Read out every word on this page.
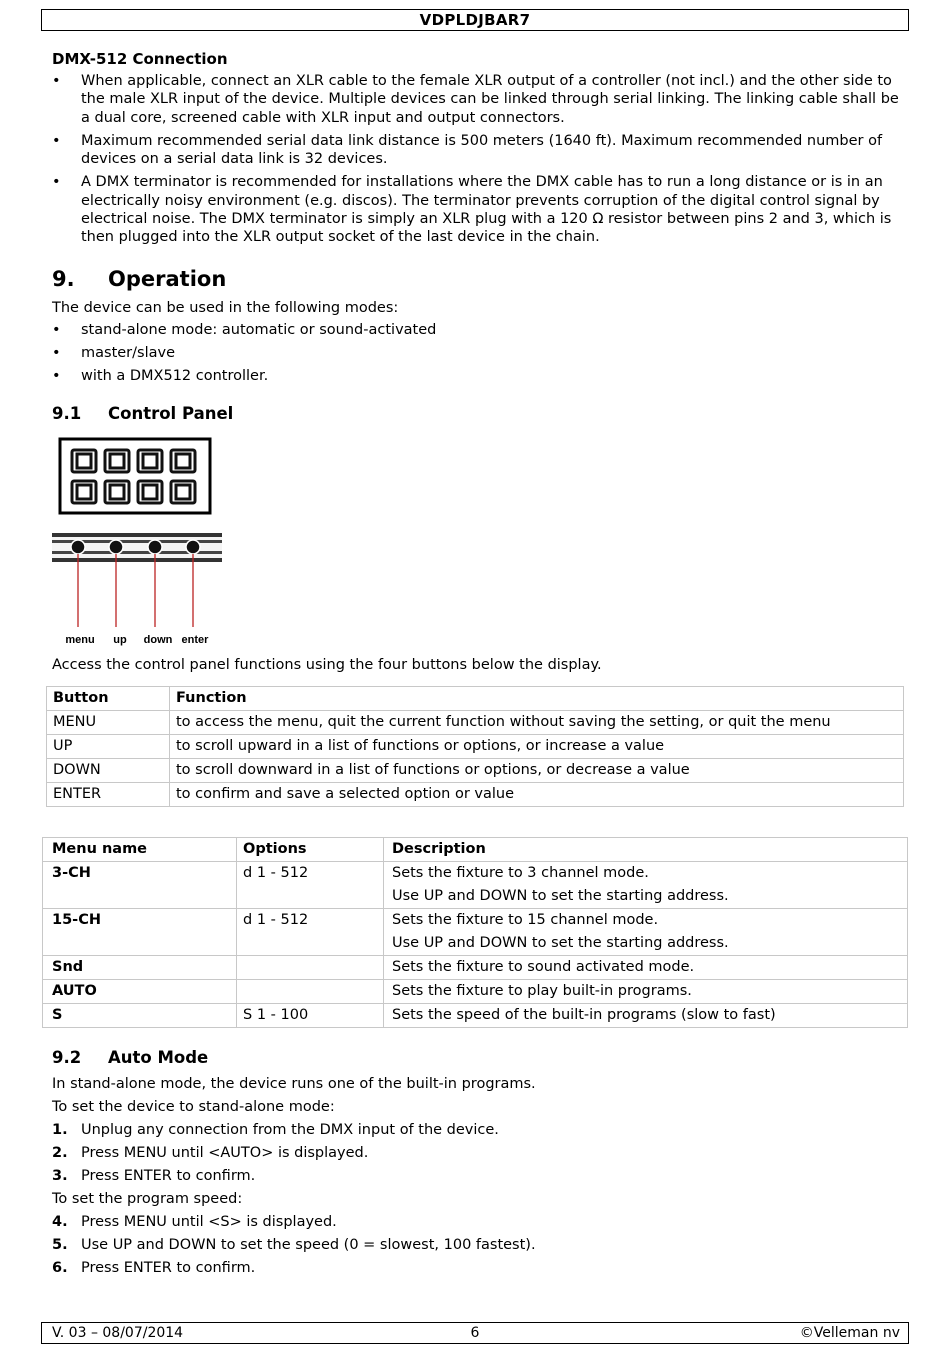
VDPLDJBAR7

DMX-512 Connection

• When applicable, connect an XLR cable to the female XLR output of a controller (not incl.) and the other side to the male XLR input of the device. Multiple devices can be linked through serial linking. The linking cable shall be a dual core, screened cable with XLR input and output connectors.
• Maximum recommended serial data link distance is 500 meters (1640 ft). Maximum recommended number of devices on a serial data link is 32 devices.
• A DMX terminator is recommended for installations where the DMX cable has to run a long distance or is in an electrically noisy environment (e.g. discos). The terminator prevents corruption of the digital control signal by electrical noise. The DMX terminator is simply an XLR plug with a 120 Ω resistor between pins 2 and 3, which is then plugged into the XLR output socket of the last device in the chain.
9.	Operation

The device can be used in the following modes:

• stand-alone mode: automatic or sound-activated
• master/slave
• with a DMX512 controller.
9.1	Control Panel
menu up down enter

Access the control panel functions using the four buttons below the display.

Button	Function
MENU	to access the menu, quit the current function without saving the setting, or quit the menu
UP	to scroll upward in a list of functions or options, or increase a value
DOWN	to scroll downward in a list of functions or options, or decrease a value
ENTER	to confirm and save a selected option or value
Menu name	Options	Description
3-CH	d 1 - 512	Sets the fixture to 3 channel mode.
Use UP and DOWN to set the starting address.

15-CH	d 1 - 512	Sets the fixture to 15 channel mode.
Use UP and DOWN to set the starting address.

Snd		Sets the fixture to sound activated mode.
AUTO		Sets the fixture to play built-in programs.
S	S 1 - 100	Sets the speed of the built-in programs (slow to fast)
9.2	Auto Mode
In stand-alone mode, the device runs one of the built-in programs.
To set the device to stand-alone mode:
1. Unplug any connection from the DMX input of the device.
2. Press MENU until <AUTO> is displayed.
3. Press ENTER to confirm.
To set the program speed:
4. Press MENU until <S> is displayed.
5. Use UP and DOWN to set the speed (0 = slowest, 100 fastest).
6. Press ENTER to confirm.
6
V. 03 – 08/07/2014	©Velleman nv
